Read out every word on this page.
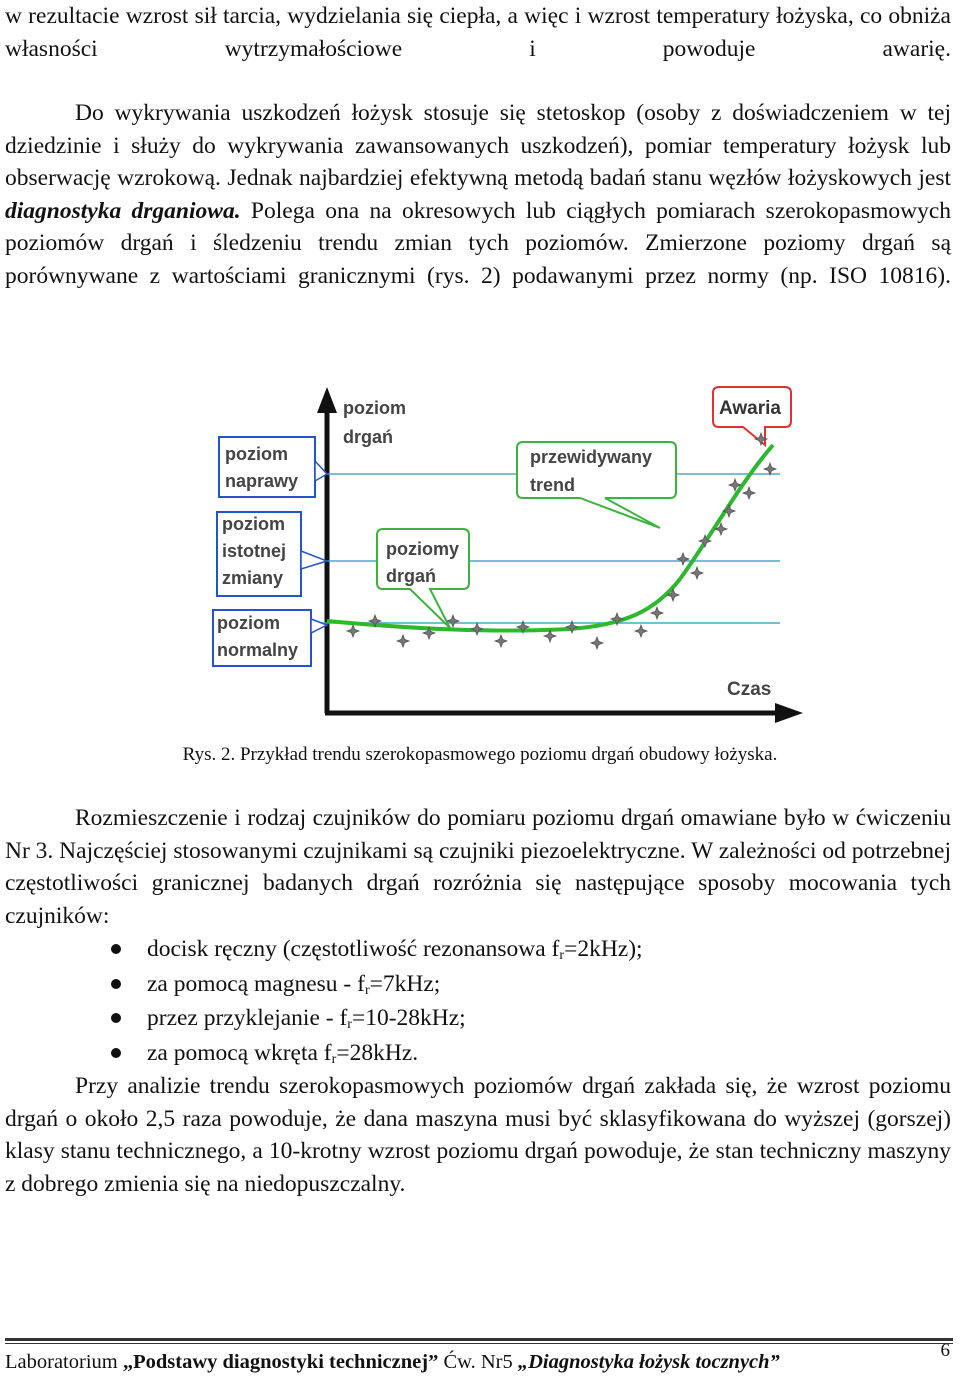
w rezultacie wzrost sił tarcia, wydzielania się ciepła, a więc i wzrost temperatury łożyska, co obniża własności wytrzymałościowe i powoduje awarię.

Do wykrywania uszkodzeń łożysk stosuje się stetoskop (osoby z doświadczeniem w tej dziedzinie i służy do wykrywania zawansowanych uszkodzeń), pomiar temperatury łożysk lub obserwację wzrokową. Jednak najbardziej efektywną metodą badań stanu węzłów łożyskowych jest diagnostyka drganiowa. Polega ona na okresowych lub ciągłych pomiarach szerokopasmowych poziomów drgań i śledzeniu trendu zmian tych poziomów. Zmierzone poziomy drgań są porównywane z wartościami granicznymi (rys. 2) podawanymi przez normy (np. ISO 10816).

poziom
drgań
Czas
poziom
naprawy
poziom
istotnej
zmiany
poziom
normalny
poziomy
drgań
przewidywany
trend
Awaria
Rys. 2. Przykład trendu szerokopasmowego poziomu drgań obudowy łożyska.

Rozmieszczenie i rodzaj czujników do pomiaru poziomu drgań omawiane było w ćwiczeniu Nr 3. Najczęściej stosowanymi czujnikami są czujniki piezoelektryczne. W zależności od potrzebnej częstotliwości granicznej badanych drgań rozróżnia się następujące sposoby mocowania tych czujników:

docisk ręczny (częstotliwość rezonansowa $f_r=2kHz$);
za pomocą magnesu - $f_r=7kHz$;
przez przyklejanie - $f_r=10-28kHz$;
za pomocą wkręta $f_r=28kHz$.

Przy analizie trendu szerokopasmowych poziomów drgań zakłada się, że wzrost poziomu drgań o około 2,5 raza powoduje, że dana maszyna musi być sklasyfikowana do wyższej (gorszej) klasy stanu technicznego, a 10-krotny wzrost poziomu drgań powoduje, że stan techniczny maszyny z dobrego zmienia się na niedopuszczalny.

Laboratorium „Podstawy diagnostyki technicznej” Ćw. Nr5 „Diagnostyka łożysk tocznych”
6
